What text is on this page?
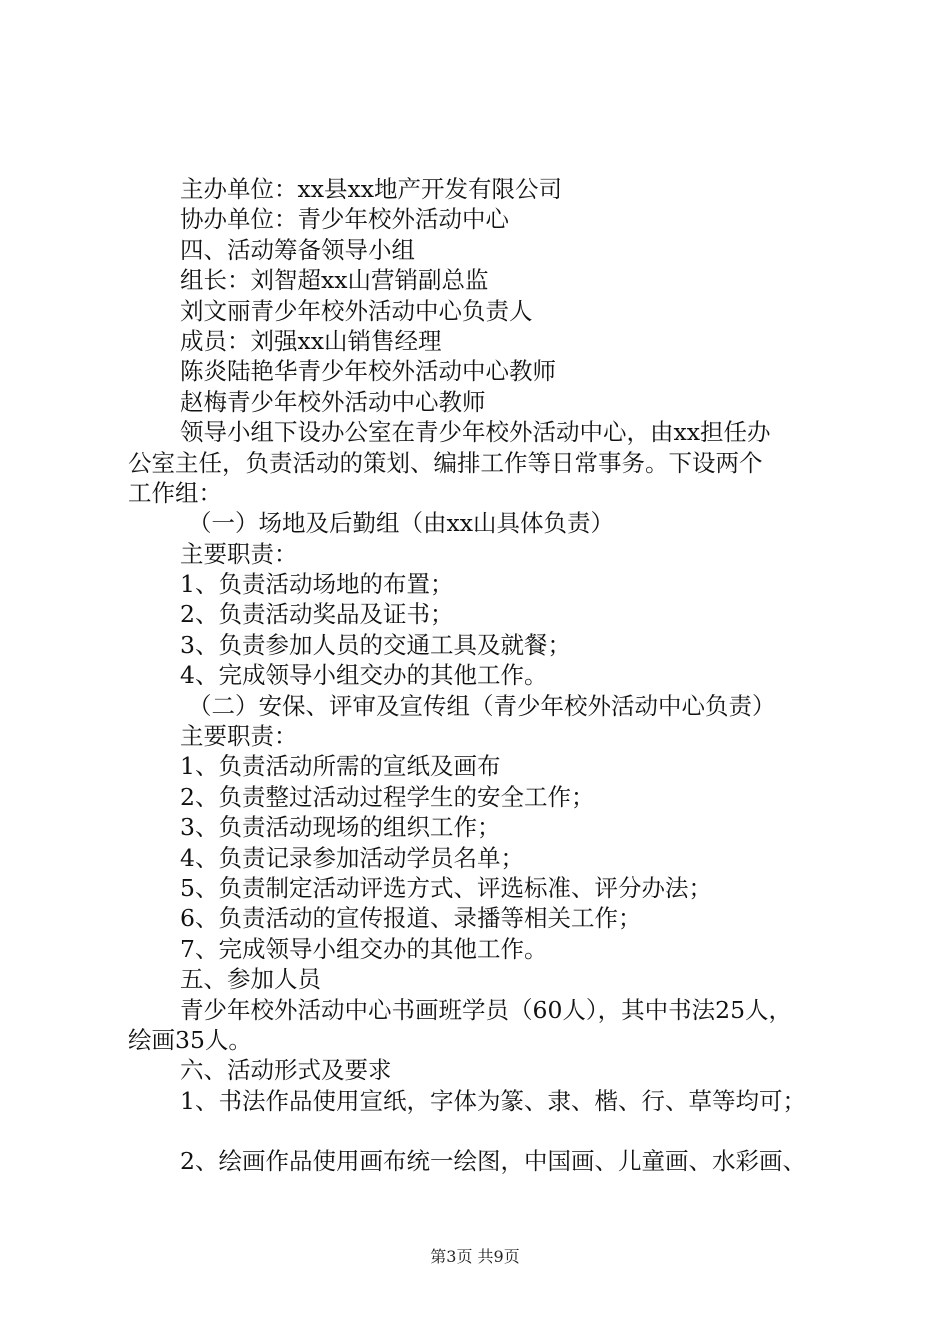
主办单位：xx县xx地产开发有限公司
协办单位：青少年校外活动中心
四、活动筹备领导小组
组长：刘智超xx山营销副总监
刘文丽青少年校外活动中心负责人
成员：刘强xx山销售经理
陈炎陆艳华青少年校外活动中心教师
赵梅青少年校外活动中心教师
领导小组下设办公室在青少年校外活动中心，由xx担任办
公室主任，负责活动的策划、编排工作等日常事务。下设两个
工作组：
（一）场地及后勤组（由xx山具体负责）
主要职责：
1、负责活动场地的布置；
2、负责活动奖品及证书；
3、负责参加人员的交通工具及就餐；
4、完成领导小组交办的其他工作。
（二）安保、评审及宣传组（青少年校外活动中心负责）
主要职责：
1、负责活动所需的宣纸及画布
2、负责整过活动过程学生的安全工作；
3、负责活动现场的组织工作；
4、负责记录参加活动学员名单；
5、负责制定活动评选方式、评选标准、评分办法；
6、负责活动的宣传报道、录播等相关工作；
7、完成领导小组交办的其他工作。
五、参加人员
青少年校外活动中心书画班学员（60人），其中书法25人，
绘画35人。
六、活动形式及要求
1、书法作品使用宣纸，字体为篆、隶、楷、行、草等均可；
2、绘画作品使用画布统一绘图，中国画、儿童画、水彩画、
第3页 共9页
